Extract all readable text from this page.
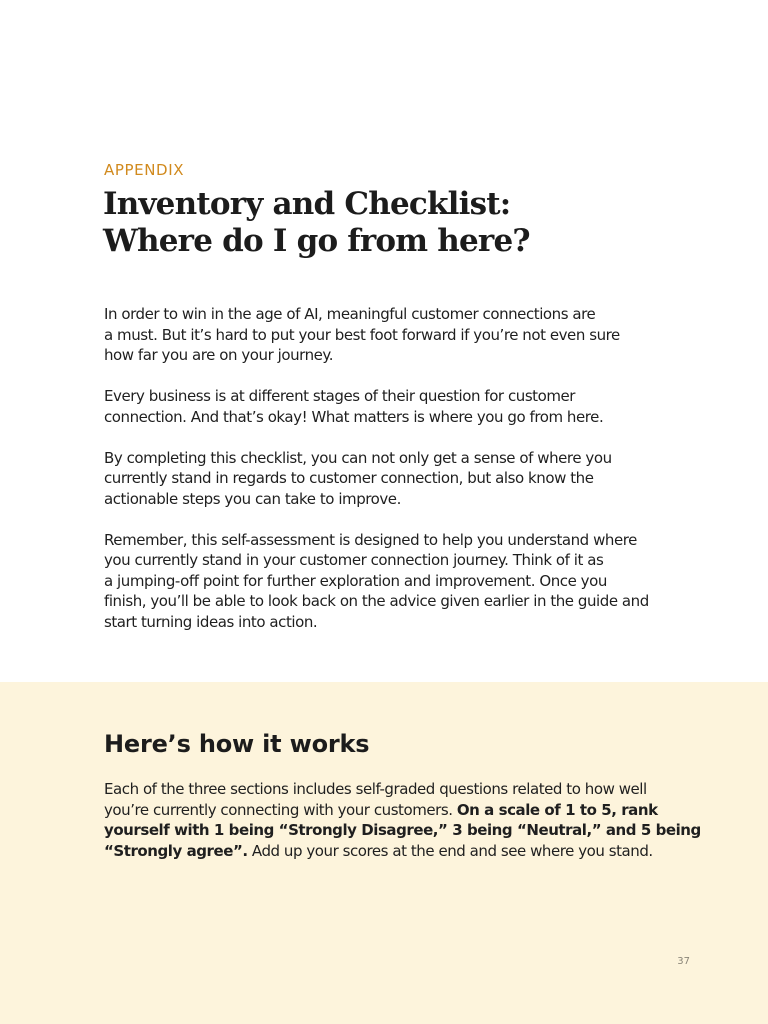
APPENDIX
Inventory and Checklist:
Where do I go from here?

In order to win in the age of AI, meaningful customer connections are
a must. But it’s hard to put your best foot forward if you’re not even sure
how far you are on your journey.

Every business is at different stages of their question for customer
connection. And that’s okay! What matters is where you go from here.

By completing this checklist, you can not only get a sense of where you
currently stand in regards to customer connection, but also know the
actionable steps you can take to improve.

Remember, this self-assessment is designed to help you understand where
you currently stand in your customer connection journey. Think of it as
a jumping-off point for further exploration and improvement. Once you
finish, you’ll be able to look back on the advice given earlier in the guide and
start turning ideas into action.

Here’s how it works

Each of the three sections includes self-graded questions related to how well
you’re currently connecting with your customers. On a scale of 1 to 5, rank
yourself with 1 being “Strongly Disagree,” 3 being “Neutral,” and 5 being
“Strongly agree”. Add up your scores at the end and see where you stand.

37
